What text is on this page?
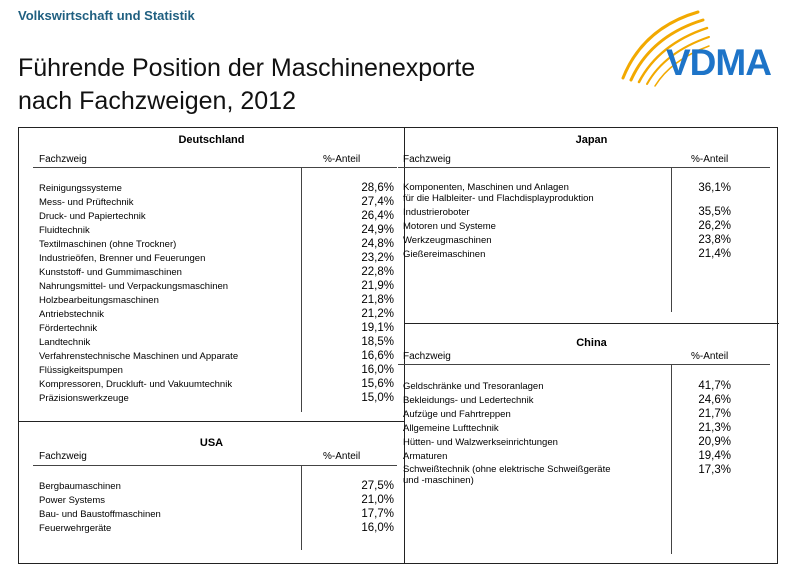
Volkswirtschaft und Statistik
Führende Position der Maschinenexporte
nach Fachzweigen, 2012
VDMA
Deutschland
Fachzweig	%-Anteil
Reinigungssysteme	28,6%
Mess- und Prüftechnik	27,4%
Druck- und Papiertechnik	26,4%
Fluidtechnik	24,9%
Textilmaschinen (ohne Trockner)	24,8%
Industrieöfen, Brenner und Feuerungen	23,2%
Kunststoff- und Gummimaschinen	22,8%
Nahrungsmittel- und Verpackungsmaschinen	21,9%
Holzbearbeitungsmaschinen	21,8%
Antriebstechnik	21,2%
Fördertechnik	19,1%
Landtechnik	18,5%
Verfahrenstechnische Maschinen und Apparate	16,6%
Flüssigkeitspumpen	16,0%
Kompressoren, Druckluft- und Vakuumtechnik	15,6%
Präzisionswerkzeuge	15,0%
USA
Fachzweig	%-Anteil
Bergbaumaschinen	27,5%
Power Systems	21,0%
Bau- und Baustoffmaschinen	17,7%
Feuerwehrgeräte	16,0%
Japan
Fachzweig	%-Anteil
Komponenten, Maschinen und Anlagen
für die Halbleiter- und Flachdisplayproduktion
36,1%
Industrieroboter	35,5%
Motoren und Systeme	26,2%
Werkzeugmaschinen	23,8%
Gießereimaschinen	21,4%
China
Fachzweig	%-Anteil
Geldschränke und Tresoranlagen	41,7%
Bekleidungs- und Ledertechnik	24,6%
Aufzüge und Fahrtreppen	21,7%
Allgemeine Lufttechnik	21,3%
Hütten- und Walzwerkseinrichtungen	20,9%
Armaturen	19,4%
Schweißtechnik (ohne elektrische Schweißgeräte
und -maschinen)
17,3%
